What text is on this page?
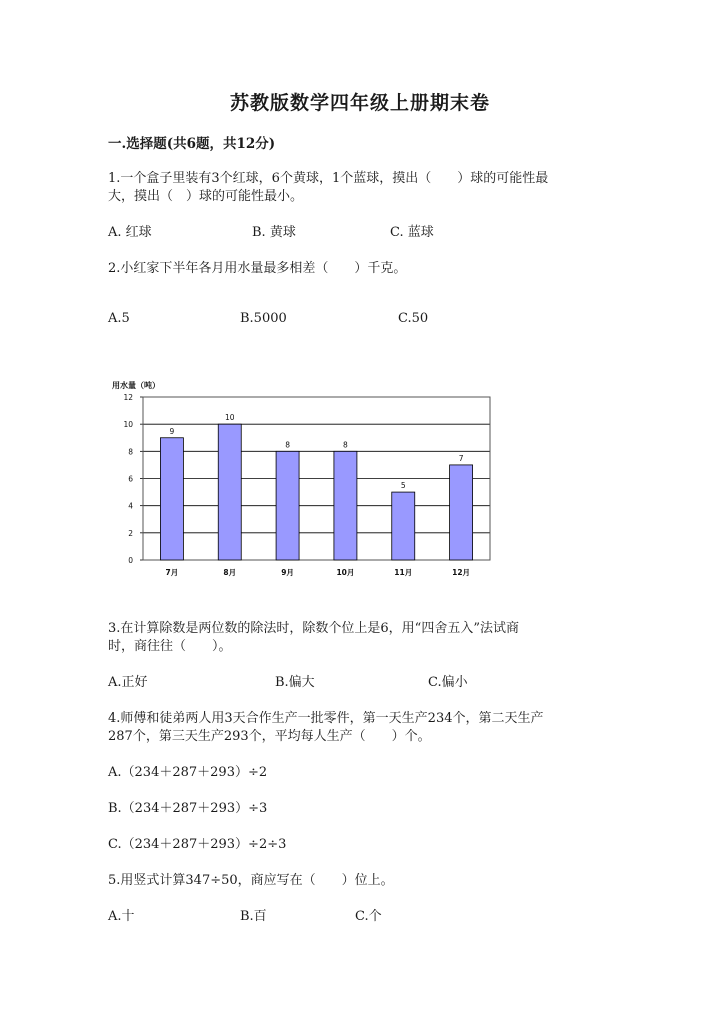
苏教版数学四年级上册期末卷
一.选择题(共6题，共12分)
1.一个盒子里装有3个红球，6个黄球，1个蓝球，摸出（　　）球的可能性最
大，摸出（　）球的可能性最小。
A. 红球	B. 黄球	C. 蓝球
2.小红家下半年各月用水量最多相差（　　）千克。
A.5	B.5000	C.50
用水量（吨）
0
2
4
6
8
10
12
9
7月
10
8月
8
9月
8
10月
5
11月
7
12月
3.在计算除数是两位数的除法时，除数个位上是6，用“四舍五入”法试商
时，商往往（　　）。
A.正好	B.偏大	C.偏小
4.师傅和徒弟两人用3天合作生产一批零件，第一天生产234个，第二天生产
287个，第三天生产293个，平均每人生产（　　）个。
A.（234＋287＋293）÷2
B.（234＋287＋293）÷3
C.（234＋287＋293）÷2÷3
5.用竖式计算347÷50，商应写在（　　）位上。
A.十	B.百	C.个
